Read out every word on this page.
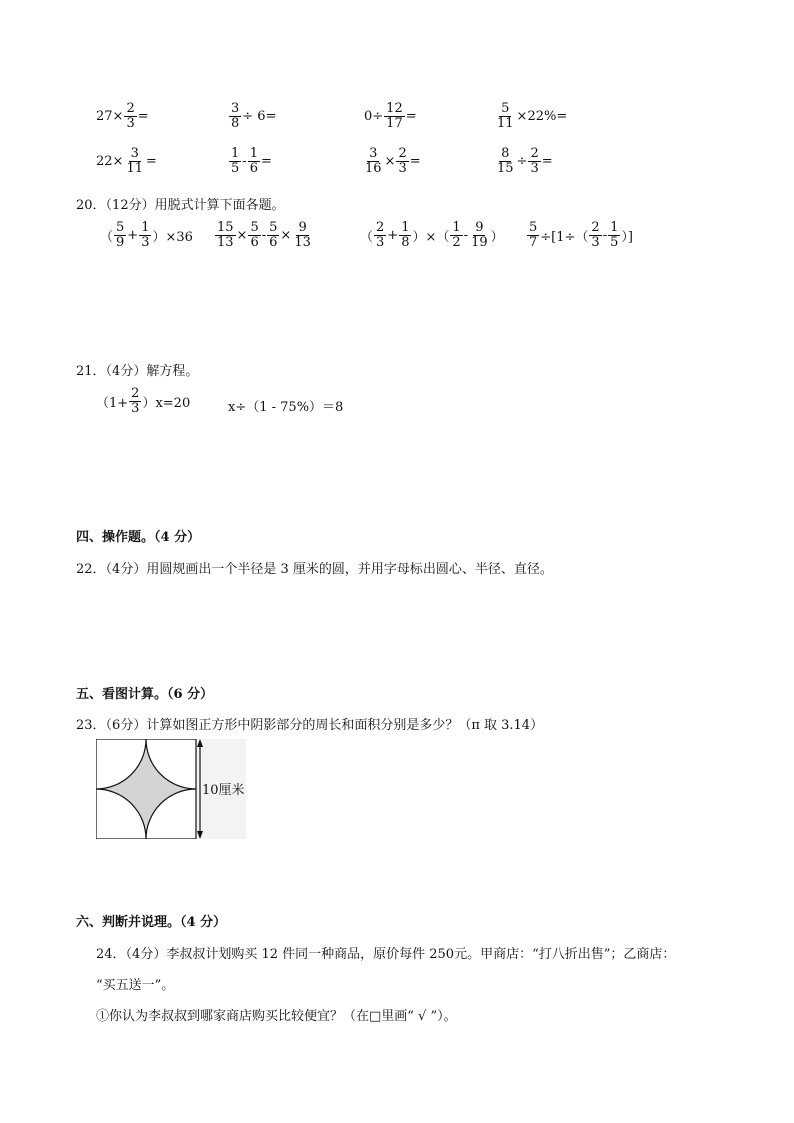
$27\times \frac{2}{3}$ =	$\frac{3}{8} \div 6=$	$0\div \frac{12}{17}$ =	$\frac{5}{11} \times 22\%=$
$22\times \frac{3}{11}$ =	$\frac{1}{5} - \frac{1}{6}$ =	$\frac{3}{16} \times \frac{2}{3}$ =	$\frac{8}{15} \div \frac{2}{3}$ =
20．（12分）用脱式计算下面各题。
（ $\frac{5}{9} + \frac{1}{3} )\times 36 \frac{15}{13} \times \frac{5}{6} - \frac{5}{6} \times \frac{9}{13}$	（ $\frac{2}{3} + \frac{1}{8}$ ）×（ $\frac{1}{2} - \frac{9}{19}$ ） $\frac{5}{7} \div[1\div( \frac{2}{3} - \frac{1}{5}$ ）]
21．（4分）解方程。
$(1+ \frac{2}{3} )x=20$	x÷（1 - 75%）＝8
四、操作题。（4 分）
22．（4分）用圆规画出一个半径是 3 厘米的圆，并用字母标出圆心、半径、直径。
五、看图计算。（6 分）
23．（6分）计算如图正方形中阴影部分的周长和面积分别是多少？（π 取 3.14）
10厘米
六、判断并说理。（4 分）
24．（4分）李叔叔计划购买 12 件同一种商品，原价每件 250元。甲商店：“打八折出售”；乙商店：
“买五送一”。
①你认为李叔叔到哪家商店购买比较便宜？（在□里画“ √ ”）。
